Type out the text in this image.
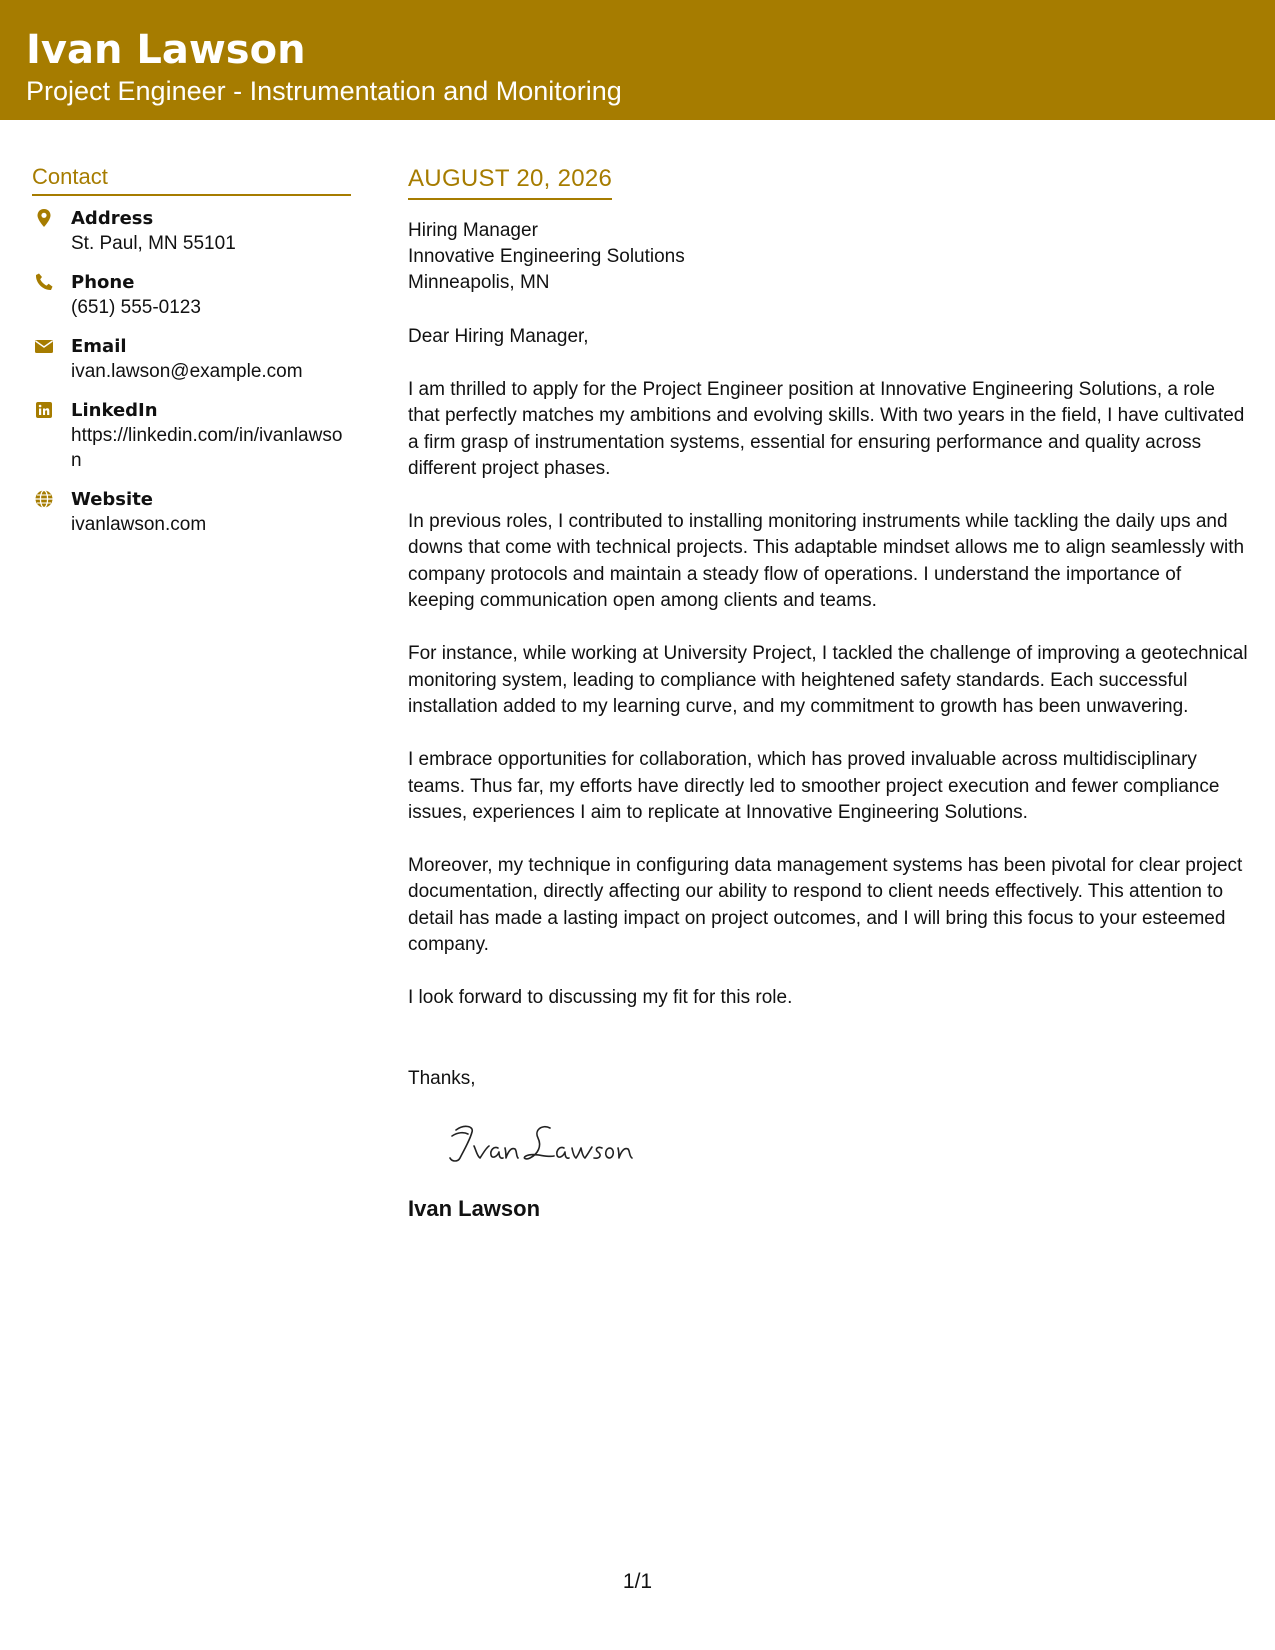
Ivan Lawson
Project Engineer - Instrumentation and Monitoring
Contact
Address
St. Paul, MN 55101
Phone
(651) 555-0123
Email
ivan.lawson@example.com
LinkedIn
https://linkedin.com/in/ivanlawson
Website
ivanlawson.com
AUGUST 20, 2026
Hiring Manager
Innovative Engineering Solutions
Minneapolis, MN
Dear Hiring Manager,
I am thrilled to apply for the Project Engineer position at Innovative Engineering Solutions, a role that perfectly matches my ambitions and evolving skills. With two years in the field, I have cultivated a firm grasp of instrumentation systems, essential for ensuring performance and quality across different project phases.
In previous roles, I contributed to installing monitoring instruments while tackling the daily ups and downs that come with technical projects. This adaptable mindset allows me to align seamlessly with company protocols and maintain a steady flow of operations. I understand the importance of keeping communication open among clients and teams.
For instance, while working at University Project, I tackled the challenge of improving a geotechnical monitoring system, leading to compliance with heightened safety standards. Each successful installation added to my learning curve, and my commitment to growth has been unwavering.
I embrace opportunities for collaboration, which has proved invaluable across multidisciplinary teams. Thus far, my efforts have directly led to smoother project execution and fewer compliance issues, experiences I aim to replicate at Innovative Engineering Solutions.
Moreover, my technique in configuring data management systems has been pivotal for clear project documentation, directly affecting our ability to respond to client needs effectively. This attention to detail has made a lasting impact on project outcomes, and I will bring this focus to your esteemed company.
I look forward to discussing my fit for this role.
Thanks,
Ivan Lawson
1/1
